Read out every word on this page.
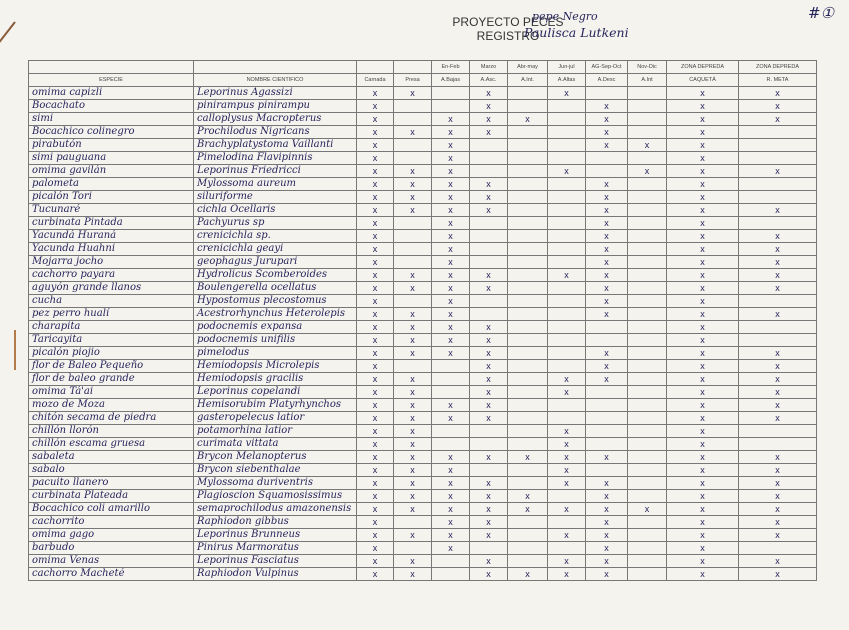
PROYECTO PECES
REGISTRO
pepe Negro
Paulisca Lutkeni
#①
				En-Feb	Marzo	Abr-may	Jun-jul	AG-Sep-Oct	Nov-Dic	ZONA DEPREDA	ZONA DEPREDA
ESPECIE	NOMBRE CIENTIFICO	Carnada	Presa	A.Bajas	A.Asc.	A.Int.	A.Altas	A.Desc	A.Int	CAQUETÁ	R. META
omima capizli	Leporinus Agassizi	x	x		x		x			x	x
Bocachato	pinirampus pinirampu	x			x			x		x	x
simi	calloplysus Macropterus	x		x	x	x		x		x	x
Bocachico colinegro	Prochilodus Nigricans	x	x	x	x			x		x	
pirabutón	Brachyplatystoma Vaillanti	x		x				x	x	x	
simi pauguana	Pimelodina Flavipinnis	x		x						x	
omima gavilán	Leporinus Friedricci	x	x	x			x		x	x	x
palometa	Mylossoma aureum	x	x	x	x			x		x	
picalón Tori	siluriforme	x	x	x	x			x		x	
Tucunaré	cichla Ocellaris	x	x	x	x			x		x	x
curbinata Pintada	Pachyurus sp	x		x				x		x	
Yacundá Huraná	crenicichla sp.	x		x				x		x	x
Yacunda Huahni	crenicichla geayi	x		x				x		x	x
Mojarra jocho	geophagus Jurupari	x		x				x		x	x
cachorro payara	Hydrolicus Scomberoides	x	x	x	x		x	x		x	x
aguyón grande llanos	Boulengerella ocellatus	x	x	x	x			x		x	x
cucha	Hypostomus plecostomus	x		x				x		x	
pez perro hualí	Acestrorhynchus Heterolepis	x	x	x				x		x	x
charapita	podocnemis expansa	x	x	x	x					x	
Taricayita	podocnemis unifilis	x	x	x	x					x	
picalón piojio	pimelodus	x	x	x	x			x		x	x
flor de Baleo Pequeño	Hemiodopsis Microlepis	x			x			x		x	x
flor de baleo grande	Hemiodopsis gracilis	x	x		x		x	x		x	x
omima Tá'ai	Leporinus copelandi	x	x		x		x			x	x
mozo de Moza	Hemisorubim Platyrhynchos	x	x	x	x					x	x
chitón secama de piedra	gasteropelecus latior	x	x	x	x					x	x
chillón llorón	potamorhina latior	x	x				x			x	
chillón escama gruesa	curimata vittata	x	x				x			x	
sabaleta	Brycon Melanopterus	x	x	x	x	x	x	x		x	x
sabalo	Brycon siebenthalae	x	x	x			x			x	x
pacuito llanero	Mylossoma duriventris	x	x	x	x		x	x		x	x
curbinata Plateada	Plagioscion Squamosissimus	x	x	x	x	x		x		x	x
Bocachico coli amarillo	semaprochilodus amazonensis	x	x	x	x	x	x	x	x	x	x
cachorrito	Raphiodon gibbus	x		x	x			x		x	x
omima gago	Leporinus Brunneus	x	x	x	x		x	x		x	x
barbudo	Pinirus Marmoratus	x		x				x		x	
omima Venas	Leporinus Fasciatus	x	x		x		x	x		x	x
cachorro Macheté	Raphiodon Vulpinus	x	x		x	x	x	x		x	x
